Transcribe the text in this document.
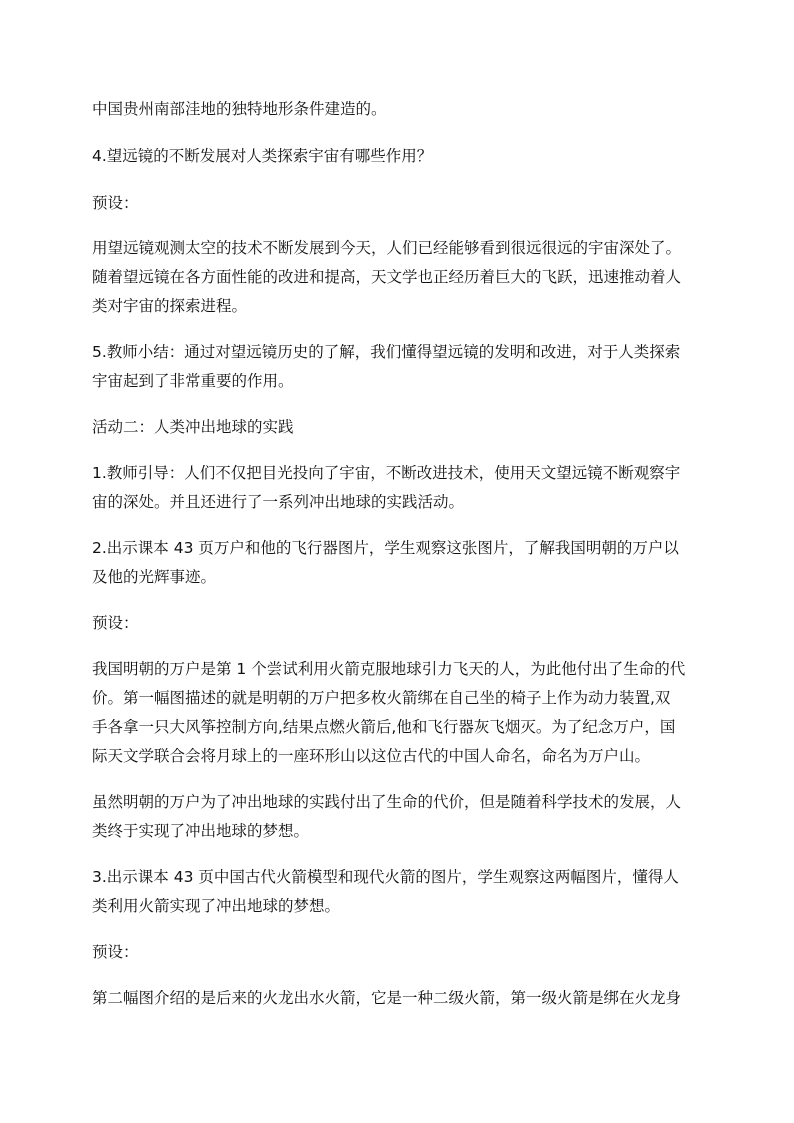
中国贵州南部洼地的独特地形条件建造的。
4.望远镜的不断发展对人类探索宇宙有哪些作用？
预设：
用望远镜观测太空的技术不断发展到今天，人们已经能够看到很远很远的宇宙深处了。
随着望远镜在各方面性能的改进和提高，天文学也正经历着巨大的飞跃，迅速推动着人
类对宇宙的探索进程。
5.教师小结：通过对望远镜历史的了解，我们懂得望远镜的发明和改进，对于人类探索
宇宙起到了非常重要的作用。
活动二：人类冲出地球的实践
1.教师引导：人们不仅把目光投向了宇宙，不断改进技术，使用天文望远镜不断观察宇
宙的深处。并且还进行了一系列冲出地球的实践活动。
2.出示课本 43 页万户和他的飞行器图片，学生观察这张图片，了解我国明朝的万户以
及他的光辉事迹。
预设：
我国明朝的万户是第 1 个尝试利用火箭克服地球引力飞天的人，为此他付出了生命的代
价。第一幅图描述的就是明朝的万户把多枚火箭绑在自己坐的椅子上作为动力装置,双
手各拿一只大风筝控制方向,结果点燃火箭后,他和飞行器灰飞烟灭。为了纪念万户，国
际天文学联合会将月球上的一座环形山以这位古代的中国人命名，命名为万户山。
虽然明朝的万户为了冲出地球的实践付出了生命的代价，但是随着科学技术的发展，人
类终于实现了冲出地球的梦想。
3.出示课本 43 页中国古代火箭模型和现代火箭的图片，学生观察这两幅图片，懂得人
类利用火箭实现了冲出地球的梦想。
预设：
第二幅图介绍的是后来的火龙出水火箭，它是一种二级火箭，第一级火箭是绑在火龙身
